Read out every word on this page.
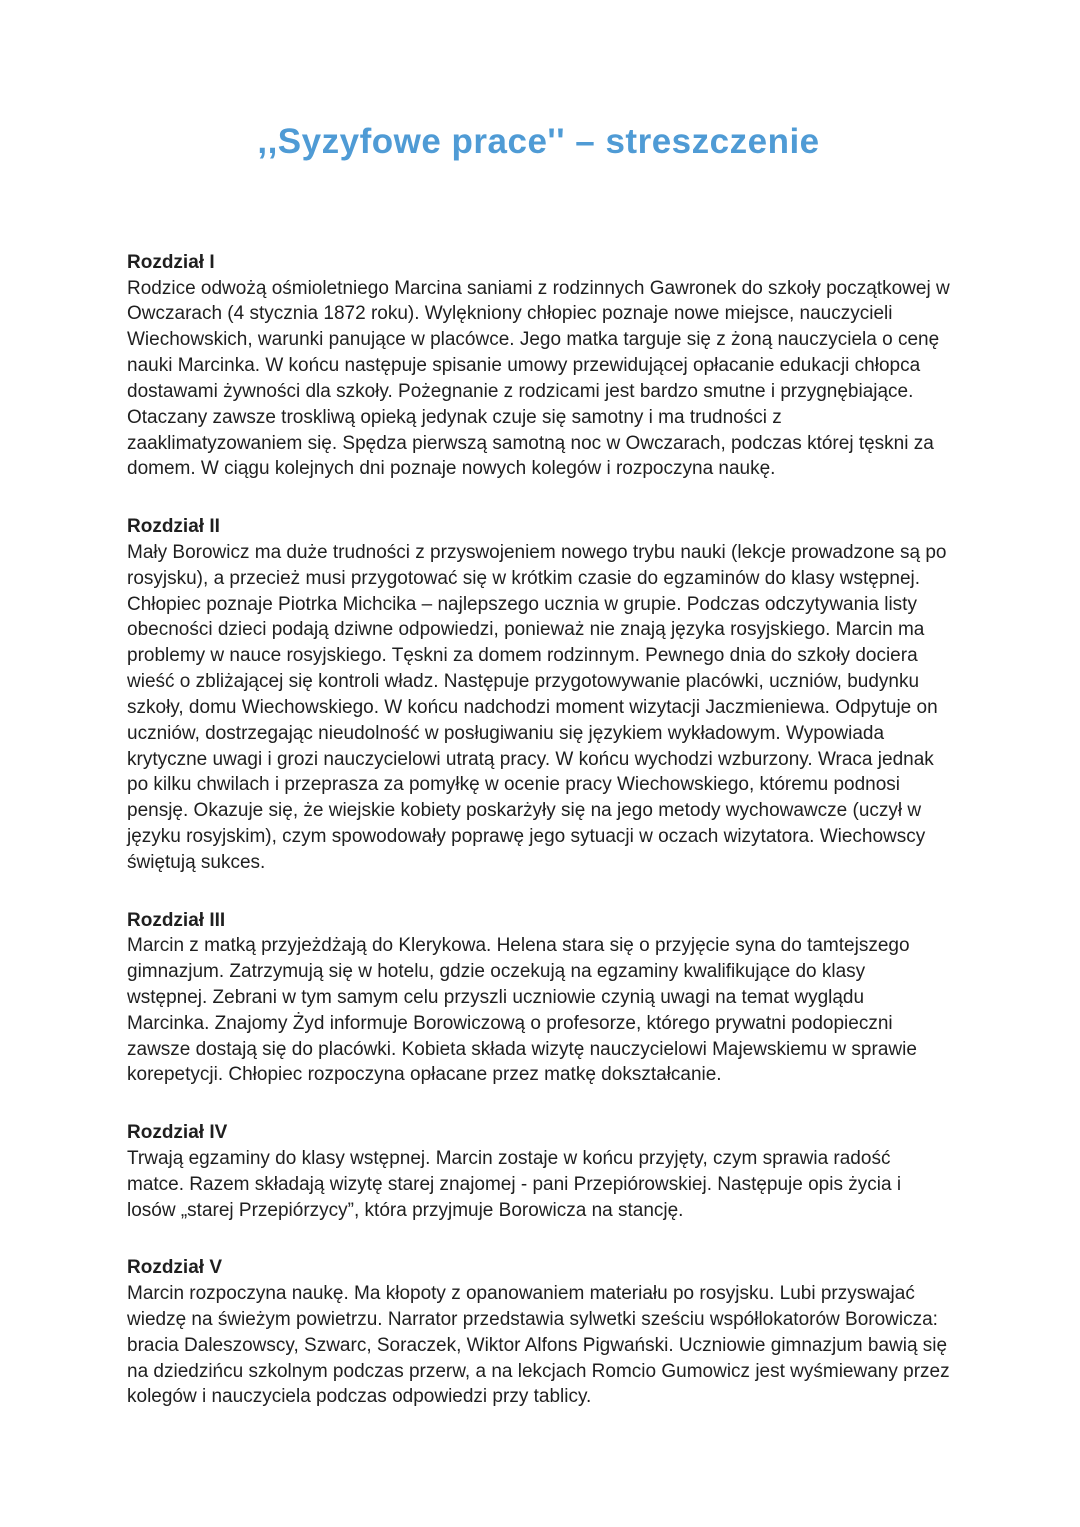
,,Syzyfowe prace'' – streszczenie
Rozdział I

Rodzice odwożą ośmioletniego Marcina saniami z rodzinnych Gawronek do szkoły początkowej w Owczarach (4 stycznia 1872 roku). Wylękniony chłopiec poznaje nowe miejsce, nauczycieli Wiechowskich, warunki panujące w placówce. Jego matka targuje się z żoną nauczyciela o cenę nauki Marcinka. W końcu następuje spisanie umowy przewidującej opłacanie edukacji chłopca dostawami żywności dla szkoły. Pożegnanie z rodzicami jest bardzo smutne i przygnębiające. Otaczany zawsze troskliwą opieką jedynak czuje się samotny i ma trudności z zaaklimatyzowaniem się. Spędza pierwszą samotną noc w Owczarach, podczas której tęskni za domem. W ciągu kolejnych dni poznaje nowych kolegów i rozpoczyna naukę.

Rozdział II

Mały Borowicz ma duże trudności z przyswojeniem nowego trybu nauki (lekcje prowadzone są po rosyjsku), a przecież musi przygotować się w krótkim czasie do egzaminów do klasy wstępnej. Chłopiec poznaje Piotrka Michcika – najlepszego ucznia w grupie. Podczas odczytywania listy obecności dzieci podają dziwne odpowiedzi, ponieważ nie znają języka rosyjskiego. Marcin ma problemy w nauce rosyjskiego. Tęskni za domem rodzinnym. Pewnego dnia do szkoły dociera wieść o zbliżającej się kontroli władz. Następuje przygotowywanie placówki, uczniów, budynku szkoły, domu Wiechowskiego. W końcu nadchodzi moment wizytacji Jaczmieniewa. Odpytuje on uczniów, dostrzegając nieudolność w posługiwaniu się językiem wykładowym. Wypowiada krytyczne uwagi i grozi nauczycielowi utratą pracy. W końcu wychodzi wzburzony. Wraca jednak po kilku chwilach i przeprasza za pomyłkę w ocenie pracy Wiechowskiego, któremu podnosi pensję. Okazuje się, że wiejskie kobiety poskarżyły się na jego metody wychowawcze (uczył w języku rosyjskim), czym spowodowały poprawę jego sytuacji w oczach wizytatora. Wiechowscy świętują sukces.

Rozdział III

Marcin z matką przyjeżdżają do Klerykowa. Helena stara się o przyjęcie syna do tamtejszego gimnazjum. Zatrzymują się w hotelu, gdzie oczekują na egzaminy kwalifikujące do klasy wstępnej. Zebrani w tym samym celu przyszli uczniowie czynią uwagi na temat wyglądu Marcinka. Znajomy Żyd informuje Borowiczową o profesorze, którego prywatni podopieczni zawsze dostają się do placówki. Kobieta składa wizytę nauczycielowi Majewskiemu w sprawie korepetycji. Chłopiec rozpoczyna opłacane przez matkę dokształcanie.

Rozdział IV

Trwają egzaminy do klasy wstępnej. Marcin zostaje w końcu przyjęty, czym sprawia radość matce. Razem składają wizytę starej znajomej - pani Przepiórowskiej. Następuje opis życia i losów „starej Przepiórzycy”, która przyjmuje Borowicza na stancję.

Rozdział V

Marcin rozpoczyna naukę. Ma kłopoty z opanowaniem materiału po rosyjsku. Lubi przyswajać wiedzę na świeżym powietrzu. Narrator przedstawia sylwetki sześciu współlokatorów Borowicza: bracia Daleszowscy, Szwarc, Soraczek, Wiktor Alfons Pigwański. Uczniowie gimnazjum bawią się na dziedzińcu szkolnym podczas przerw, a na lekcjach Romcio Gumowicz jest wyśmiewany przez kolegów i nauczyciela podczas odpowiedzi przy tablicy.
